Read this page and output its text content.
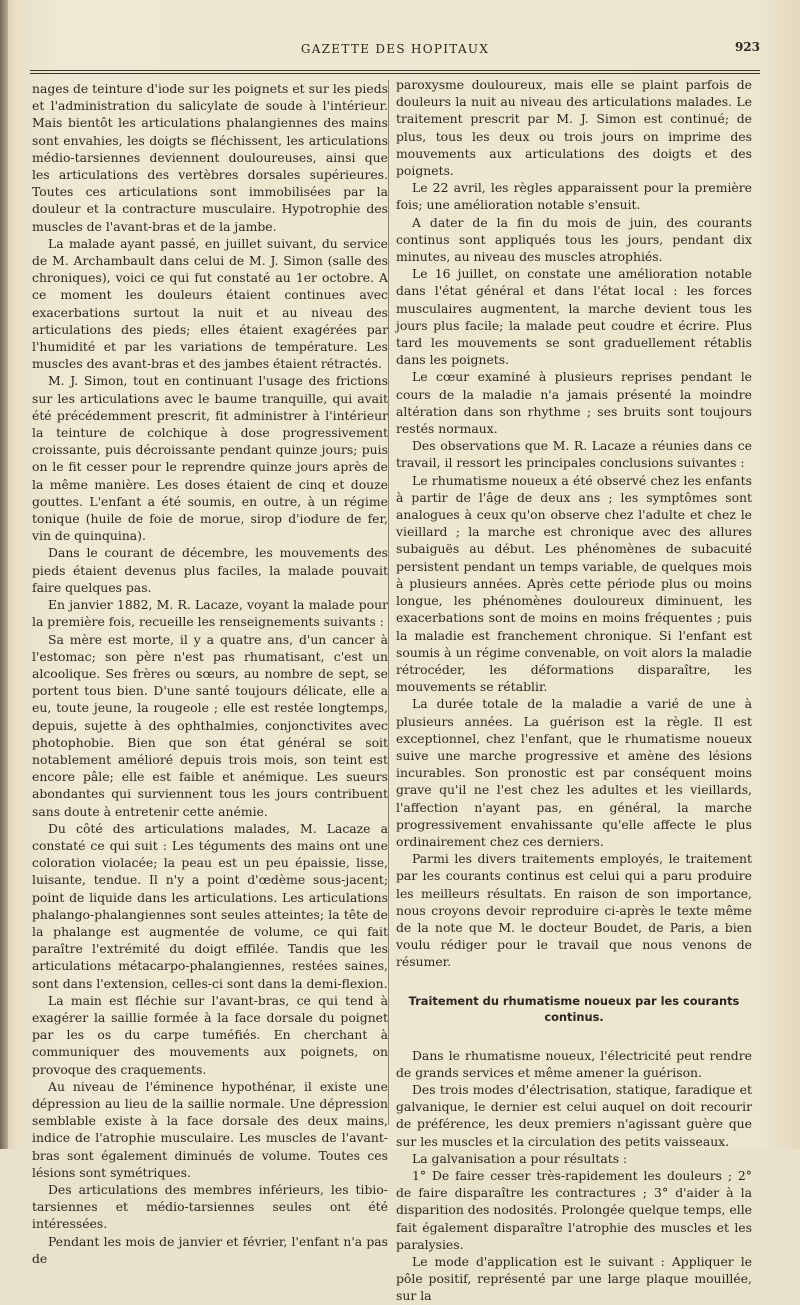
GAZETTE DES HOPITAUX	923

nages de teinture d'iode sur les poignets et sur les pieds et l'administration du salicylate de soude à l'intérieur. Mais bientôt les articulations phalangiennes des mains sont envahies, les doigts se fléchissent, les articulations médio-tarsiennes deviennent douloureuses, ainsi que les articulations des vertèbres dorsales supérieures. Toutes ces articulations sont immobilisées par la douleur et la contracture musculaire. Hypotrophie des muscles de l'avant-bras et de la jambe.

La malade ayant passé, en juillet suivant, du service de M. Archambault dans celui de M. J. Simon (salle des chroniques), voici ce qui fut constaté au 1er octobre. A ce moment les douleurs étaient continues avec exacerbations surtout la nuit et au niveau des articulations des pieds; elles étaient exagérées par l'humidité et par les variations de température. Les muscles des avant-bras et des jambes étaient rétractés.

M. J. Simon, tout en continuant l'usage des frictions sur les articulations avec le baume tranquille, qui avait été précédemment prescrit, fit administrer à l'intérieur la teinture de colchique à dose progressivement croissante, puis décroissante pendant quinze jours; puis on le fit cesser pour le reprendre quinze jours après de la même manière. Les doses étaient de cinq et douze gouttes. L'enfant a été soumis, en outre, à un régime tonique (huile de foie de morue, sirop d'iodure de fer, vin de quinquina).

Dans le courant de décembre, les mouvements des pieds étaient devenus plus faciles, la malade pouvait faire quelques pas.

En janvier 1882, M. R. Lacaze, voyant la malade pour la première fois, recueille les renseignements suivants :

Sa mère est morte, il y a quatre ans, d'un cancer à l'estomac; son père n'est pas rhumatisant, c'est un alcoolique. Ses frères ou sœurs, au nombre de sept, se portent tous bien. D'une santé toujours délicate, elle a eu, toute jeune, la rougeole ; elle est restée longtemps, depuis, sujette à des ophthalmies, conjonctivites avec photophobie. Bien que son état général se soit notablement amélioré depuis trois mois, son teint est encore pâle; elle est faible et anémique. Les sueurs abondantes qui surviennent tous les jours contribuent sans doute à entretenir cette anémie.

Du côté des articulations malades, M. Lacaze a constaté ce qui suit : Les téguments des mains ont une coloration violacée; la peau est un peu épaissie, lisse, luisante, tendue. Il n'y a point d'œdème sous-jacent; point de liquide dans les articulations. Les articulations phalango-phalangiennes sont seules atteintes; la tête de la phalange est augmentée de volume, ce qui fait paraître l'extrémité du doigt effilée. Tandis que les articulations métacarpo-phalangiennes, restées saines, sont dans l'extension, celles-ci sont dans la demi-flexion.

La main est fléchie sur l'avant-bras, ce qui tend à exagérer la saillie formée à la face dorsale du poignet par les os du carpe tuméfiés. En cherchant à communiquer des mouvements aux poignets, on provoque des craquements.

Au niveau de l'éminence hypothénar, il existe une dépression au lieu de la saillie normale. Une dépression semblable existe à la face dorsale des deux mains, indice de l'atrophie musculaire. Les muscles de l'avant-bras sont également diminués de volume. Toutes ces lésions sont symétriques.

Des articulations des membres inférieurs, les tibio-tarsiennes et médio-tarsiennes seules ont été intéressées.

Pendant les mois de janvier et février, l'enfant n'a pas de

paroxysme douloureux, mais elle se plaint parfois de douleurs la nuit au niveau des articulations malades. Le traitement prescrit par M. J. Simon est continué; de plus, tous les deux ou trois jours on imprime des mouvements aux articulations des doigts et des poignets.

Le 22 avril, les règles apparaissent pour la première fois; une amélioration notable s'ensuit.

A dater de la fin du mois de juin, des courants continus sont appliqués tous les jours, pendant dix minutes, au niveau des muscles atrophiés.

Le 16 juillet, on constate une amélioration notable dans l'état général et dans l'état local : les forces musculaires augmentent, la marche devient tous les jours plus facile; la malade peut coudre et écrire. Plus tard les mouvements se sont graduellement rétablis dans les poignets.

Le cœur examiné à plusieurs reprises pendant le cours de la maladie n'a jamais présenté la moindre altération dans son rhythme ; ses bruits sont toujours restés normaux.

Des observations que M. R. Lacaze a réunies dans ce travail, il ressort les principales conclusions suivantes :

Le rhumatisme noueux a été observé chez les enfants à partir de l'âge de deux ans ; les symptômes sont analogues à ceux qu'on observe chez l'adulte et chez le vieillard ; la marche est chronique avec des allures subaiguës au début. Les phénomènes de subacuité persistent pendant un temps variable, de quelques mois à plusieurs années. Après cette période plus ou moins longue, les phénomènes douloureux diminuent, les exacerbations sont de moins en moins fréquentes ; puis la maladie est franchement chronique. Si l'enfant est soumis à un régime convenable, on voit alors la maladie rétrocéder, les déformations disparaître, les mouvements se rétablir.

La durée totale de la maladie a varié de une à plusieurs années. La guérison est la règle. Il est exceptionnel, chez l'enfant, que le rhumatisme noueux suive une marche progressive et amène des lésions incurables. Son pronostic est par conséquent moins grave qu'il ne l'est chez les adultes et les vieillards, l'affection n'ayant pas, en général, la marche progressivement envahissante qu'elle affecte le plus ordinairement chez ces derniers.

Parmi les divers traitements employés, le traitement par les courants continus est celui qui a paru produire les meilleurs résultats. En raison de son importance, nous croyons devoir reproduire ci-après le texte même de la note que M. le docteur Boudet, de Paris, a bien voulu rédiger pour le travail que nous venons de résumer.

Traitement du rhumatisme noueux par les courants continus.

Dans le rhumatisme noueux, l'électricité peut rendre de grands services et même amener la guérison.

Des trois modes d'électrisation, statique, faradique et galvanique, le dernier est celui auquel on doit recourir de préférence, les deux premiers n'agissant guère que sur les muscles et la circulation des petits vaisseaux.

La galvanisation a pour résultats :

1° De faire cesser très-rapidement les douleurs ; 2° de faire disparaître les contractures ; 3° d'aider à la disparition des nodosités. Prolongée quelque temps, elle fait également disparaître l'atrophie des muscles et les paralysies.

Le mode d'application est le suivant : Appliquer le pôle positif, représenté par une large plaque mouillée, sur la
